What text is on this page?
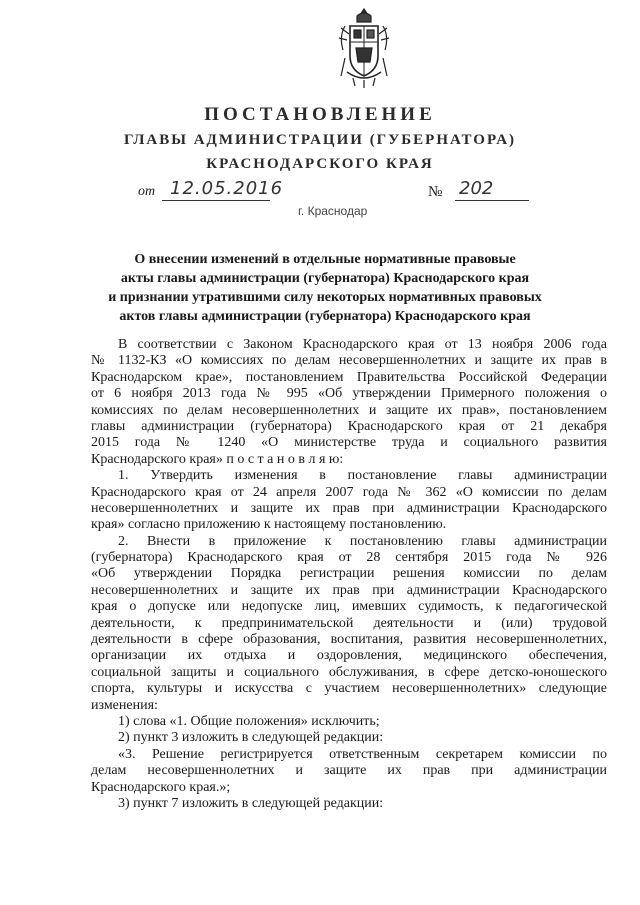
ПОСТАНОВЛЕНИЕ
ГЛАВЫ АДМИНИСТРАЦИИ (ГУБЕРНАТОРА)
КРАСНОДАРСКОГО КРАЯ
от 12.05.2016	№ 202
г. Краснодар
О внесении изменений в отдельные нормативные правовые
акты главы администрации (губернатора) Краснодарского края
и признании утратившими силу некоторых нормативных правовых
актов главы администрации (губернатора) Краснодарского края
В соответствии с Законом Краснодарского края от 13 ноября 2006 года
№ 1132-КЗ «О комиссиях по делам несовершеннолетних и защите их прав в
Краснодарском крае», постановлением Правительства Российской Федерации
от 6 ноября 2013 года № 995 «Об утверждении Примерного положения о
комиссиях по делам несовершеннолетних и защите их прав», постановлением
главы администрации (губернатора) Краснодарского края от 21 декабря
2015 года № 1240 «О министерстве труда и социального развития
Краснодарского края» п о с т а н о в л я ю:
1. Утвердить изменения в постановление главы администрации
Краснодарского края от 24 апреля 2007 года № 362 «О комиссии по делам
несовершеннолетних и защите их прав при администрации Краснодарского
края» согласно приложению к настоящему постановлению.
2. Внести в приложение к постановлению главы администрации
(губернатора) Краснодарского края от 28 сентября 2015 года № 926
«Об утверждении Порядка регистрации решения комиссии по делам
несовершеннолетних и защите их прав при администрации Краснодарского
края о допуске или недопуске лиц, имевших судимость, к педагогической
деятельности, к предпринимательской деятельности и (или) трудовой
деятельности в сфере образования, воспитания, развития несовершеннолетних,
организации их отдыха и оздоровления, медицинского обеспечения,
социальной защиты и социального обслуживания, в сфере детско-юношеского
спорта, культуры и искусства с участием несовершеннолетних» следующие
изменения:
1) слова «1. Общие положения» исключить;
2) пункт 3 изложить в следующей редакции:
«3. Решение регистрируется ответственным секретарем комиссии по
делам несовершеннолетних и защите их прав при администрации
Краснодарского края.»;
3) пункт 7 изложить в следующей редакции:
